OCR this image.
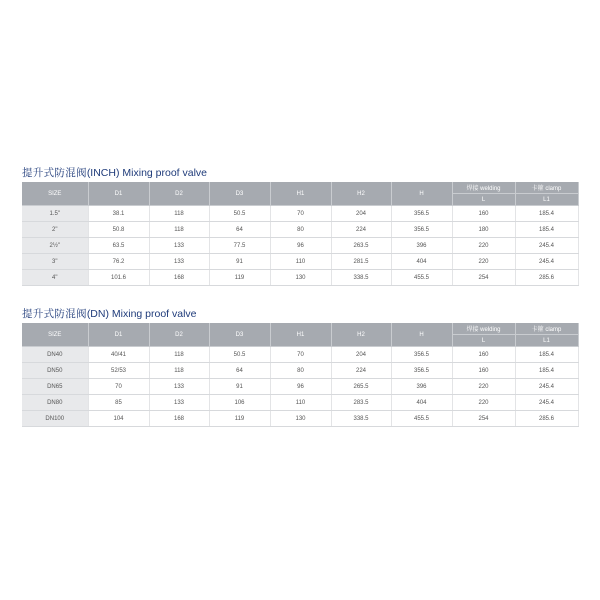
提升式防混阀(INCH) Mixing proof valve
SIZE	D1	D2	D3	H1	H2	H	焊接 welding	卡箍 clamp
							L	L1
1.5"	38.1	118	50.5	70	204	356.5	160	185.4
2"	50.8	118	64	80	224	356.5	180	185.4
2½"	63.5	133	77.5	96	263.5	396	220	245.4
3"	76.2	133	91	110	281.5	404	220	245.4
4"	101.6	168	119	130	338.5	455.5	254	285.6
提升式防混阀(DN) Mixing proof valve
SIZE	D1	D2	D3	H1	H2	H	焊接 welding	卡箍 clamp
							L	L1
DN40	40/41	118	50.5	70	204	356.5	160	185.4
DN50	52/53	118	64	80	224	356.5	160	185.4
DN65	70	133	91	96	265.5	396	220	245.4
DN80	85	133	106	110	283.5	404	220	245.4
DN100	104	168	119	130	338.5	455.5	254	285.6
